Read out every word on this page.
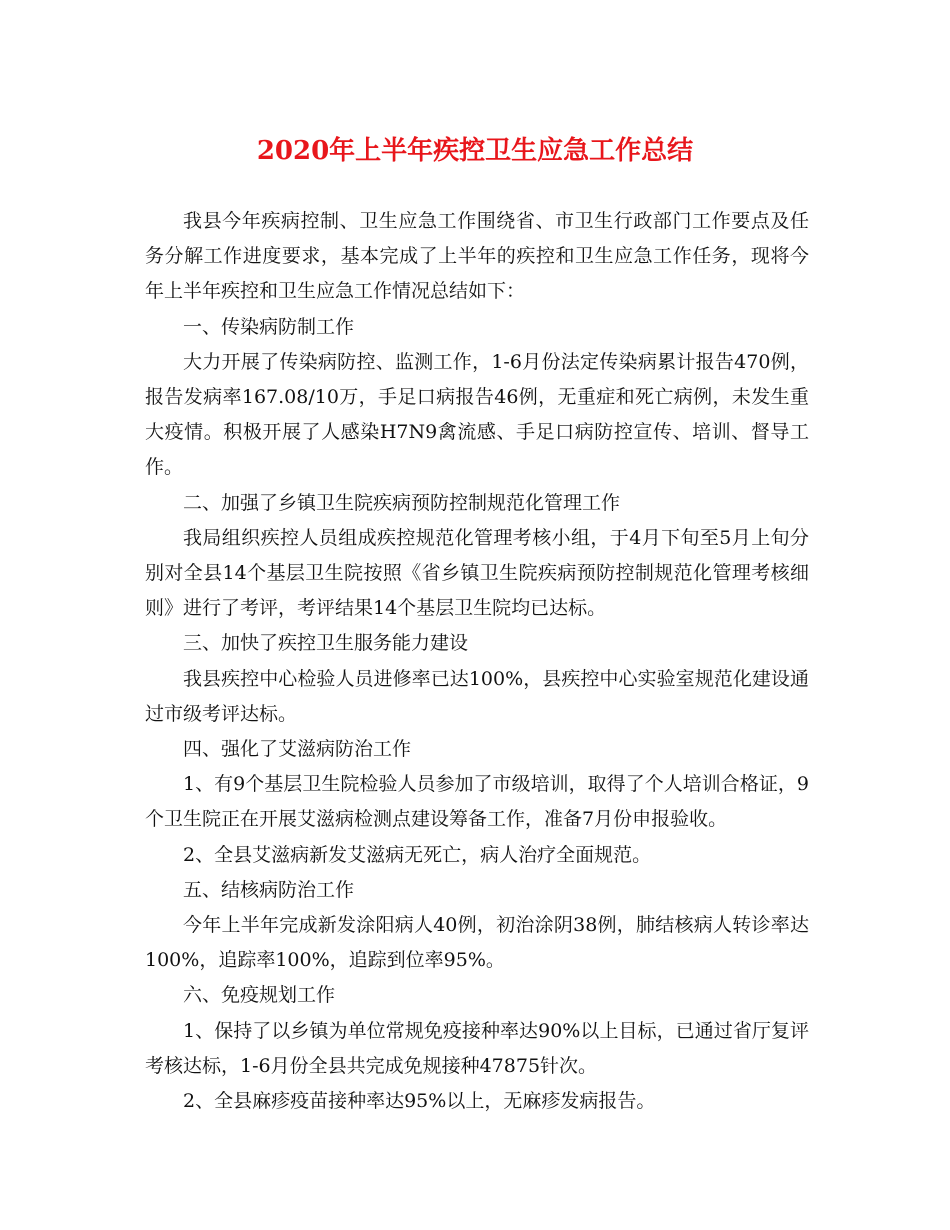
2020年上半年疾控卫生应急工作总结

我县今年疾病控制、卫生应急工作围绕省、市卫生行政部门工作要点及任务分解工作进度要求，基本完成了上半年的疾控和卫生应急工作任务，现将今年上半年疾控和卫生应急工作情况总结如下：

一、传染病防制工作

大力开展了传染病防控、监测工作，1-6月份法定传染病累计报告470例，报告发病率167.08/10万，手足口病报告46例，无重症和死亡病例，未发生重大疫情。积极开展了人感染H7N9禽流感、手足口病防控宣传、培训、督导工作。

二、加强了乡镇卫生院疾病预防控制规范化管理工作

我局组织疾控人员组成疾控规范化管理考核小组，于4月下旬至5月上旬分别对全县14个基层卫生院按照《省乡镇卫生院疾病预防控制规范化管理考核细则》进行了考评，考评结果14个基层卫生院均已达标。

三、加快了疾控卫生服务能力建设

我县疾控中心检验人员进修率已达100%，县疾控中心实验室规范化建设通过市级考评达标。

四、强化了艾滋病防治工作

1、有9个基层卫生院检验人员参加了市级培训，取得了个人培训合格证，9个卫生院正在开展艾滋病检测点建设筹备工作，准备7月份申报验收。

2、全县艾滋病新发艾滋病无死亡，病人治疗全面规范。

五、结核病防治工作

今年上半年完成新发涂阳病人40例，初治涂阴38例，肺结核病人转诊率达100%，追踪率100%，追踪到位率95%。

六、免疫规划工作

1、保持了以乡镇为单位常规免疫接种率达90%以上目标，已通过省厅复评考核达标，1-6月份全县共完成免规接种47875针次。

2、全县麻疹疫苗接种率达95%以上，无麻疹发病报告。
